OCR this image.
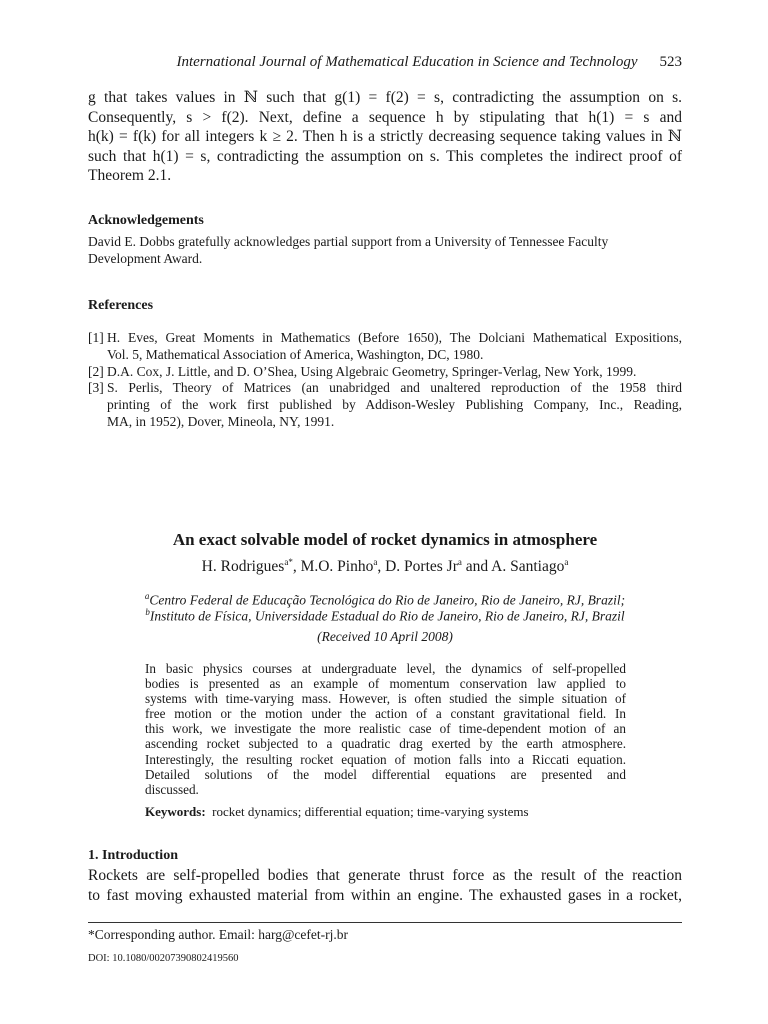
International Journal of Mathematical Education in Science and Technology 523
g that takes values in ℕ such that g(1) = f(2) = s, contradicting the assumption on s.
Consequently, s > f(2). Next, define a sequence h by stipulating that h(1) = s and
h(k) = f(k) for all integers k ≥ 2. Then h is a strictly decreasing sequence taking values in ℕ
such that h(1) = s, contradicting the assumption on s. This completes the indirect proof of
Theorem 2.1.
Acknowledgements
David E. Dobbs gratefully acknowledges partial support from a University of Tennessee Faculty Development Award.
References
[1] H. Eves, Great Moments in Mathematics (Before 1650), The Dolciani Mathematical Expositions,
Vol. 5, Mathematical Association of America, Washington, DC, 1980.
[2] D.A. Cox, J. Little, and D. O’Shea, Using Algebraic Geometry, Springer-Verlag, New York, 1999.
[3] S. Perlis, Theory of Matrices (an unabridged and unaltered reproduction of the 1958 third
printing of the work first published by Addison-Wesley Publishing Company, Inc., Reading,
MA, in 1952), Dover, Mineola, NY, 1991.
An exact solvable model of rocket dynamics in atmosphere
H. Rodrigues$^{a*}$, M.O. Pinho$^a$, D. Portes Jr$^a$ and A. Santiago$^a$
$^a$Centro Federal de Educação Tecnológica do Rio de Janeiro, Rio de Janeiro, RJ, Brazil;
$^b$Instituto de Física, Universidade Estadual do Rio de Janeiro, Rio de Janeiro, RJ, Brazil
(Received 10 April 2008)
In basic physics courses at undergraduate level, the dynamics of self-propelled
bodies is presented as an example of momentum conservation law applied to
systems with time-varying mass. However, is often studied the simple situation of
free motion or the motion under the action of a constant gravitational field. In
this work, we investigate the more realistic case of time-dependent motion of an
ascending rocket subjected to a quadratic drag exerted by the earth atmosphere.
Interestingly, the resulting rocket equation of motion falls into a Riccati equation.
Detailed solutions of the model differential equations are presented and
discussed.
Keywords: rocket dynamics; differential equation; time-varying systems
1. Introduction
Rockets are self-propelled bodies that generate thrust force as the result of the reaction
to fast moving exhausted material from within an engine. The exhausted gases in a rocket,
*Corresponding author. Email: harg@cefet-rj.br
DOI: 10.1080/00207390802419560
